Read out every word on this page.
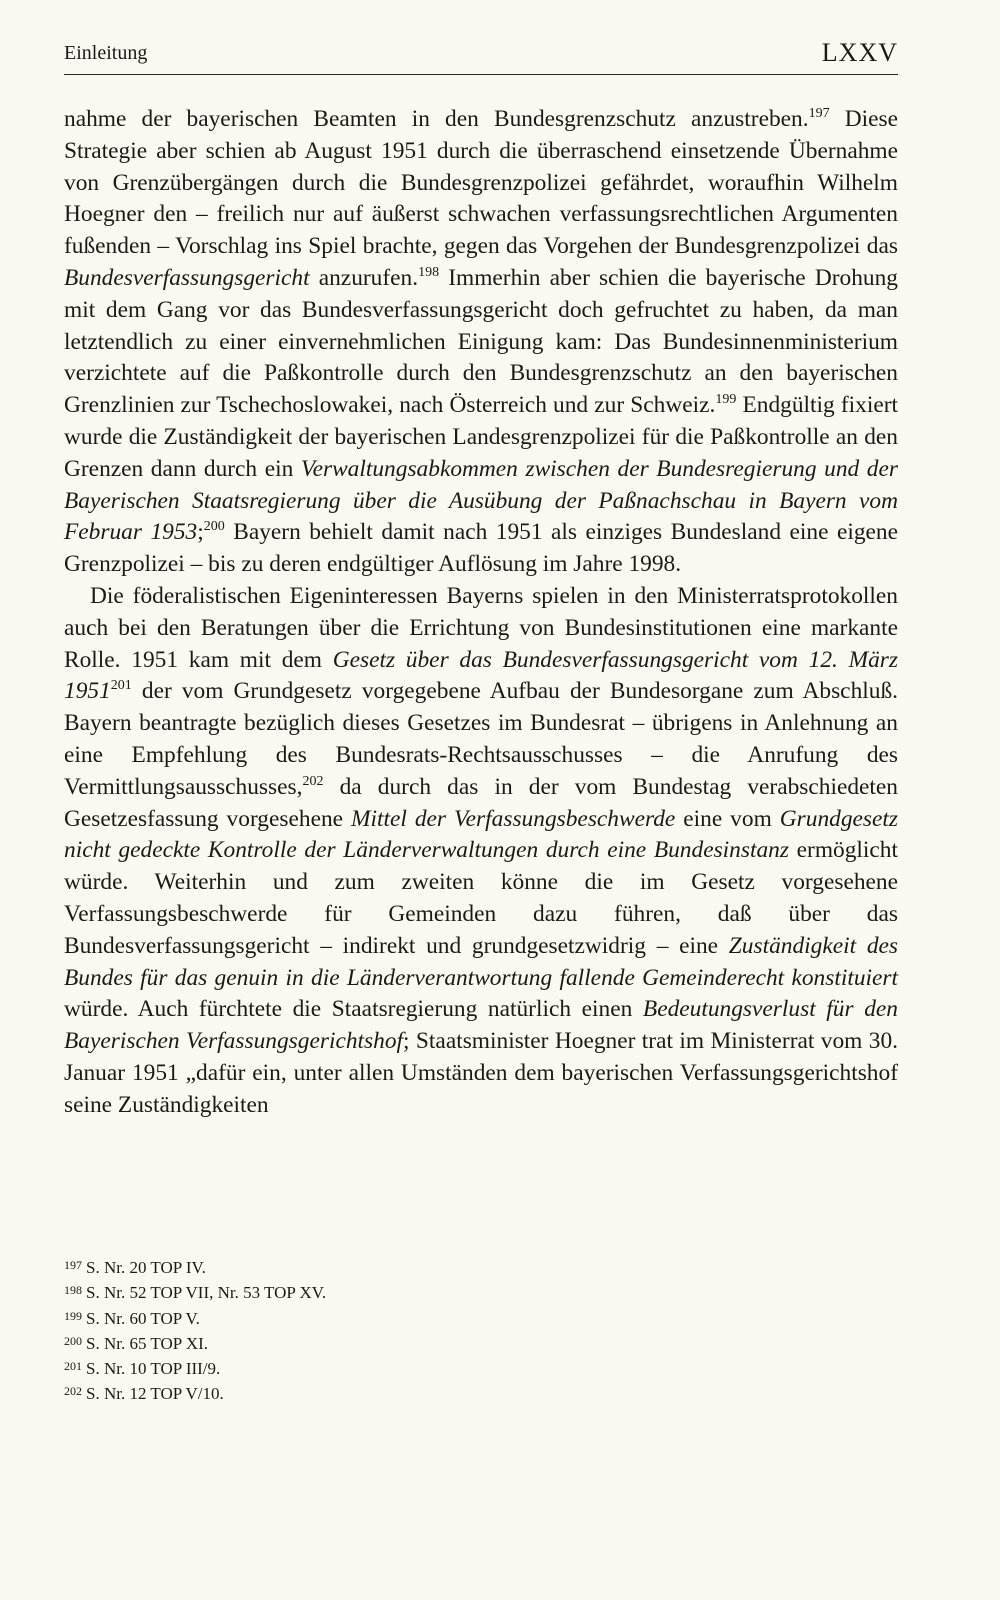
Einleitung	LXXV

nahme der bayerischen Beamten in den Bundesgrenzschutz anzustreben.$^{197}$ Diese Strategie aber schien ab August 1951 durch die überraschend einsetzende Übernahme von Grenzübergängen durch die Bundesgrenzpolizei gefährdet, woraufhin Wilhelm Hoegner den – freilich nur auf äußerst schwachen verfassungsrechtlichen Argumenten fußenden – Vorschlag ins Spiel brachte, gegen das Vorgehen der Bundesgrenzpolizei das Bundesverfassungsgericht anzurufen.$^{198}$ Immerhin aber schien die bayerische Drohung mit dem Gang vor das Bundesverfassungsgericht doch gefruchtet zu haben, da man letztendlich zu einer einvernehmlichen Einigung kam: Das Bundesinnenministerium verzichtete auf die Paßkontrolle durch den Bundesgrenzschutz an den bayerischen Grenzlinien zur Tschechoslowakei, nach Österreich und zur Schweiz.$^{199}$ Endgültig fixiert wurde die Zuständigkeit der bayerischen Landesgrenzpolizei für die Paßkontrolle an den Grenzen dann durch ein Verwaltungsabkommen zwischen der Bundesregierung und der Bayerischen Staatsregierung über die Ausübung der Paßnachschau in Bayern vom Februar 1953;$^{200}$ Bayern behielt damit nach 1951 als einziges Bundesland eine eigene Grenzpolizei – bis zu deren endgültiger Auflösung im Jahre 1998.

Die föderalistischen Eigeninteressen Bayerns spielen in den Ministerratsprotokollen auch bei den Beratungen über die Errichtung von Bundesinstitutionen eine markante Rolle. 1951 kam mit dem Gesetz über das Bundesverfassungsgericht vom 12. März 1951$^{201}$ der vom Grundgesetz vorgegebene Aufbau der Bundesorgane zum Abschluß. Bayern beantragte bezüglich dieses Gesetzes im Bundesrat – übrigens in Anlehnung an eine Empfehlung des Bundesrats-Rechtsausschusses – die Anrufung des Vermittlungsausschusses,$^{202}$ da durch das in der vom Bundestag verabschiedeten Gesetzesfassung vorgesehene Mittel der Verfassungsbeschwerde eine vom Grundgesetz nicht gedeckte Kontrolle der Länderverwaltungen durch eine Bundesinstanz ermöglicht würde. Weiterhin und zum zweiten könne die im Gesetz vorgesehene Verfassungsbeschwerde für Gemeinden dazu führen, daß über das Bundesverfassungsgericht – indirekt und grundgesetzwidrig – eine Zuständigkeit des Bundes für das genuin in die Länderverantwortung fallende Gemeinderecht konstituiert würde. Auch fürchtete die Staatsregierung natürlich einen Bedeutungsverlust für den Bayerischen Verfassungsgerichtshof; Staatsminister Hoegner trat im Ministerrat vom 30. Januar 1951 „dafür ein, unter allen Umständen dem bayerischen Verfassungsgerichtshof seine Zuständigkeiten

$^{197}$ S. Nr. 20 TOP IV.
$^{198}$ S. Nr. 52 TOP VII, Nr. 53 TOP XV.
$^{199}$ S. Nr. 60 TOP V.
$^{200}$ S. Nr. 65 TOP XI.
$^{201}$ S. Nr. 10 TOP III/9.
$^{202}$ S. Nr. 12 TOP V/10.
